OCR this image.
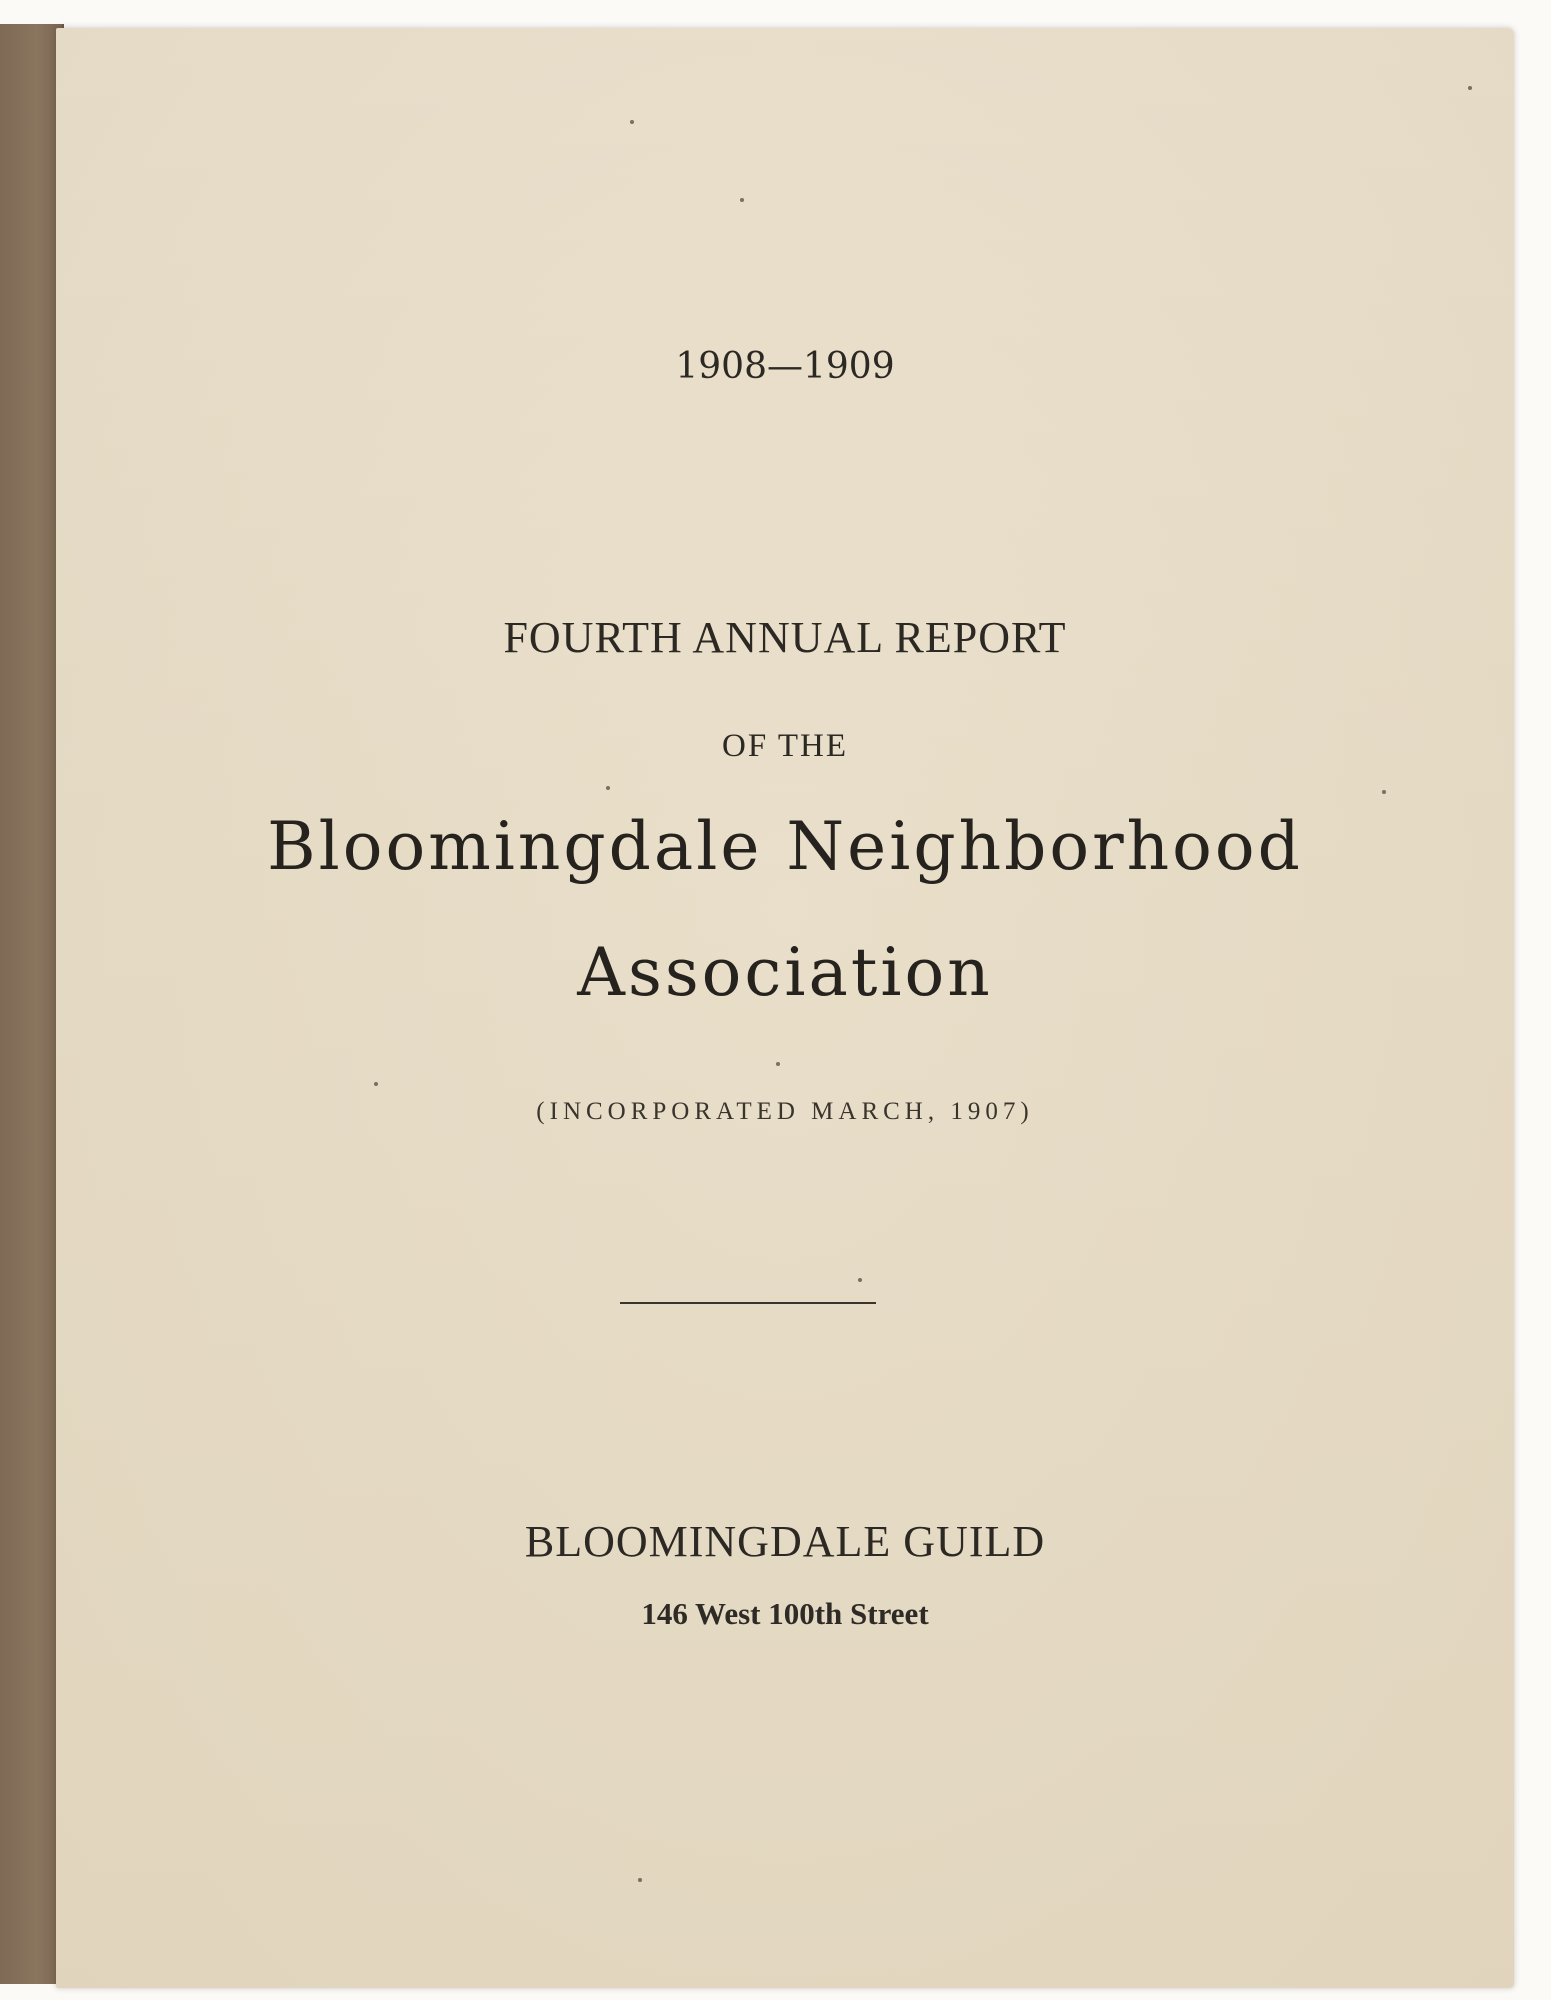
1908—1909

FOURTH ANNUAL REPORT

OF THE

Bloomingdale Neighborhood

Association

(INCORPORATED MARCH, 1907)

BLOOMINGDALE GUILD

146 West 100th Street
